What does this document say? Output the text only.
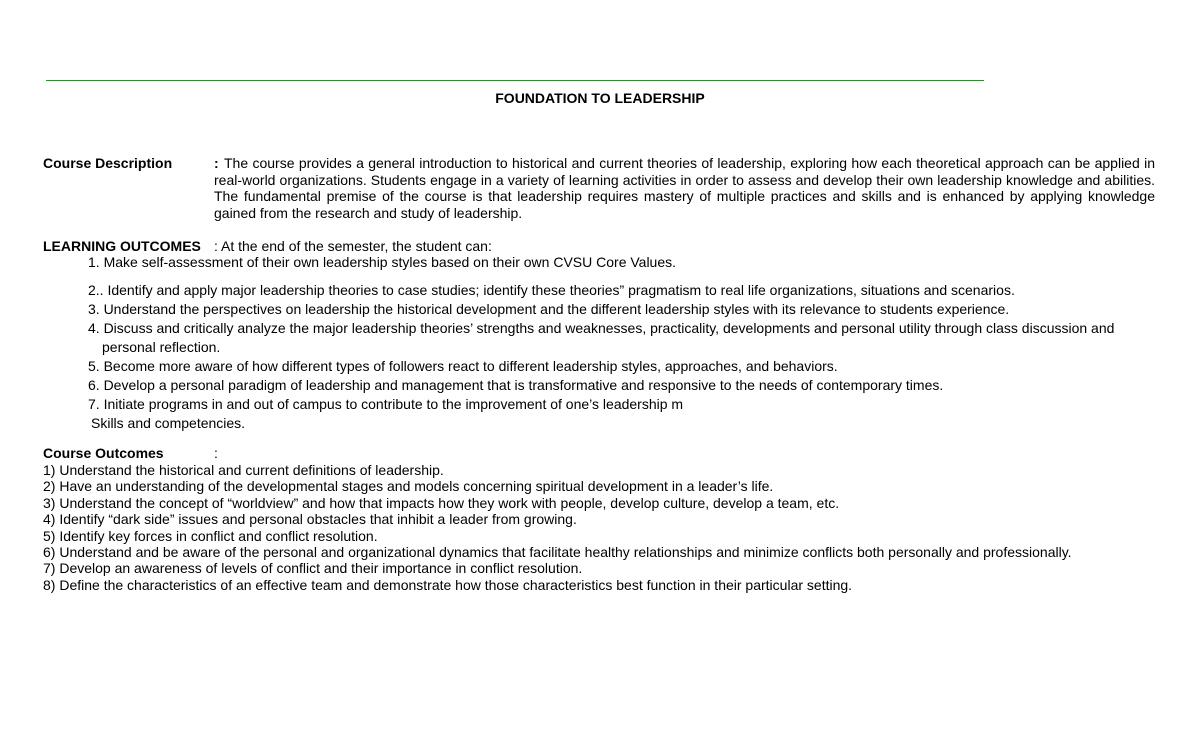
FOUNDATION TO LEADERSHIP
Course Description	: The course provides a general introduction to historical and current theories of leadership, exploring how each theoretical approach can be applied in real-world organizations. Students engage in a variety of learning activities in order to assess and develop their own leadership knowledge and abilities. The fundamental premise of the course is that leadership requires mastery of multiple practices and skills and is enhanced by applying knowledge gained from the research and study of leadership.
LEARNING OUTCOMES : At the end of the semester, the student can:
1. Make self-assessment of their own leadership styles based on their own CVSU Core Values.
2.. Identify and apply major leadership theories to case studies; identify these theories” pragmatism to real life organizations, situations and scenarios.
3. Understand the perspectives on leadership the historical development and the different leadership styles with its relevance to students experience.
4. Discuss and critically analyze the major leadership theories’ strengths and weaknesses, practicality, developments and personal utility through class discussion and
personal reflection.
5. Become more aware of how different types of followers react to different leadership styles, approaches, and behaviors.
6. Develop a personal paradigm of leadership and management that is transformative and responsive to the needs of contemporary times.
7. Initiate programs in and out of campus to contribute to the improvement of one’s leadership m
Skills and competencies.
Course Outcomes	:
1) Understand the historical and current definitions of leadership.
2) Have an understanding of the developmental stages and models concerning spiritual development in a leader’s life.
3) Understand the concept of “worldview” and how that impacts how they work with people, develop culture, develop a team, etc.
4) Identify “dark side” issues and personal obstacles that inhibit a leader from growing.
5) Identify key forces in conflict and conflict resolution.
6) Understand and be aware of the personal and organizational dynamics that facilitate healthy relationships and minimize conflicts both personally and professionally.
7) Develop an awareness of levels of conflict and their importance in conflict resolution.
8) Define the characteristics of an effective team and demonstrate how those characteristics best function in their particular setting.
